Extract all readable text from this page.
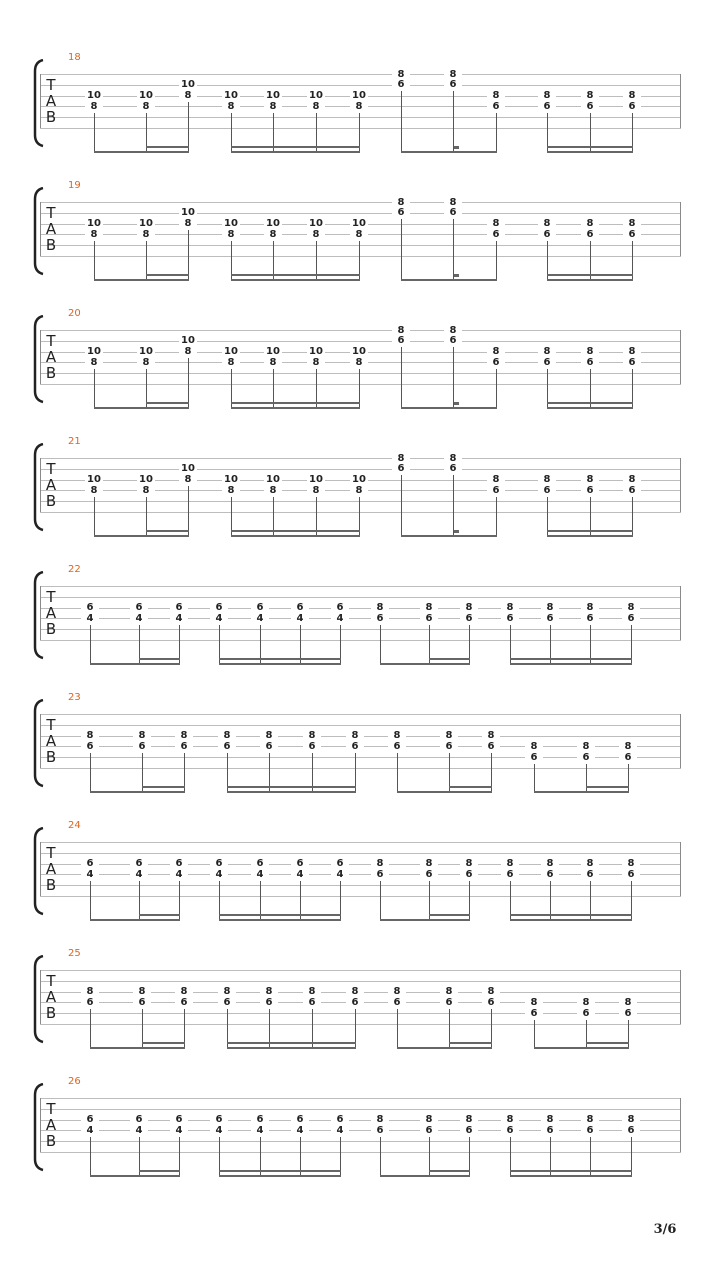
18
T
A
B
10
8
10
8
10
8	10
8
10
8
10
8
10
8
8
6
8
6
8
6
8
6
8
6
8
6
19
T
A
B
10
8
10
8
10
8	10
8
10
8
10
8
10
8
8
6
8
6
8
6
8
6
8
6
8
6
20
T
A
B
10
8
10
8
10
8	10
8
10
8
10
8
10
8
8
6
8
6
8
6
8
6
8
6
8
6
21
T
A
B
10
8
10
8
10
8	10
8
10
8
10
8
10
8
8
6
8
6
8
6
8
6
8
6
8
6
22
T
A
B
6
4
6
4
6
4
6
4
6
4
6
4
6
4
8
6
8
6
8
6
8
6
8
6
8
6
8
6
23
T
A
B
8
6
8
6
8
6
8
6
8
6
8
6
8
6
8
6
8
6
8
6	8
6
8
6
8
6
24
T
A
B
6
4
6
4
6
4
6
4
6
4
6
4
6
4
8
6
8
6
8
6
8
6
8
6
8
6
8
6
25
T
A
B
8
6
8
6
8
6
8
6
8
6
8
6
8
6
8
6
8
6
8
6	8
6
8
6
8
6
26
T
A
B
6
4
6
4
6
4
6
4
6
4
6
4
6
4
8
6
8
6
8
6
8
6
8
6
8
6
8
6
3/6
